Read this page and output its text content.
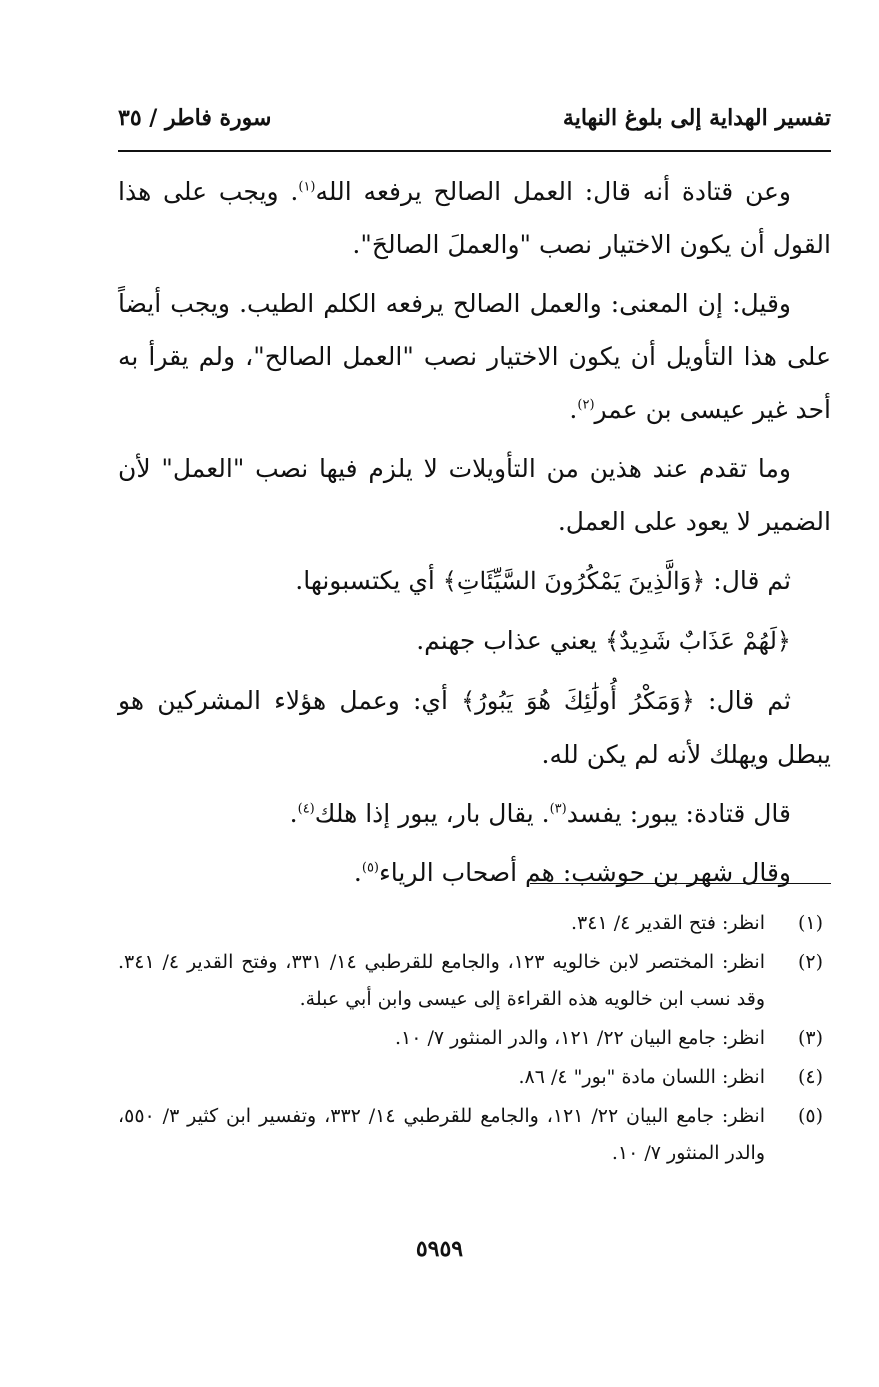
تفسير الهداية إلى بلوغ النهاية
سورة فاطر / ٣٥

وعن قتادة أنه قال: العمل الصالح يرفعه الله$^{(١)}$. ويجب على هذا القول أن يكون الاختيار نصب "والعملَ الصالحَ".

وقيل: إن المعنى: والعمل الصالح يرفعه الكلم الطيب. ويجب أيضاً على هذا التأويل أن يكون الاختيار نصب "العمل الصالح"، ولم يقرأ به أحد غير عيسى بن عمر$^{(٢)}$.

وما تقدم عند هذين من التأويلات لا يلزم فيها نصب "العمل" لأن الضمير لا يعود على العمل.

ثم قال: ﴿وَالَّذِينَ يَمْكُرُونَ السَّيِّئَاتِ﴾ أي يكتسبونها.

﴿لَهُمْ عَذَابٌ شَدِيدٌ﴾ يعني عذاب جهنم.

ثم قال: ﴿وَمَكْرُ أُولَٰئِكَ هُوَ يَبُورُ﴾ أي: وعمل هؤلاء المشركين هو يبطل ويهلك لأنه لم يكن لله.

قال قتادة: يبور: يفسد$^{(٣)}$. يقال بار، يبور إذا هلك$^{(٤)}$.

وقال شهر بن حوشب: هم أصحاب الرياء$^{(٥)}$.

(١)
انظر: فتح القدير ٤/ ٣٤١.
(٢)
انظر: المختصر لابن خالويه ١٢٣، والجامع للقرطبي ١٤/ ٣٣١، وفتح القدير ٤/ ٣٤١. وقد نسب ابن خالويه هذه القراءة إلى عيسى وابن أبي عبلة.
(٣)
انظر: جامع البيان ٢٢/ ١٢١، والدر المنثور ٧/ ١٠.
(٤)
انظر: اللسان مادة "بور" ٤/ ٨٦.
(٥)
انظر: جامع البيان ٢٢/ ١٢١، والجامع للقرطبي ١٤/ ٣٣٢، وتفسير ابن كثير ٣/ ٥٥٠، والدر المنثور ٧/ ١٠.
٥٩٥٩
